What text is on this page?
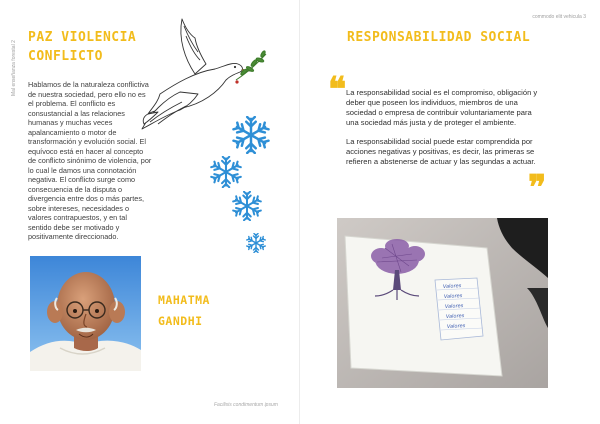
Mal enseñanza forestal 2
PAZ VIOLENCIA CONFLICTO
Hablamos de la naturaleza conflictiva de nuestra sociedad, pero ello no es el problema. El conflicto es consustancial a las relaciones humanas y muchas veces apalancamiento o motor de transformación y evolución social. El equívoco está en hacer al concepto de conflicto sinónimo de violencia, por lo cual le damos una connotación negativa. El conflicto surge como consecuencia de la disputa o divergencia entre dos o más partes, sobre intereses, necesidades o valores contrapuestos, y en tal sentido debe ser motivado y positivamente direccionado.
MAHATMA GANDHI
Facilisis condimentum ipsum
commodo elit vehicula 3
RESPONSABILIDAD SOCIAL
❝ La responsabilidad social es el compromiso, obligación y deber que poseen los individuos, miembros de una sociedad o empresa de contribuir voluntariamente para una sociedad más justa y de proteger el ambiente.

La responsabilidad social puede estar comprendida por acciones negativas y positivas, es decir, las primeras se refieren a abstenerse de actuar y las segundas a actuar.

❞
Valores
Valores
Valores
Valores
Valores
